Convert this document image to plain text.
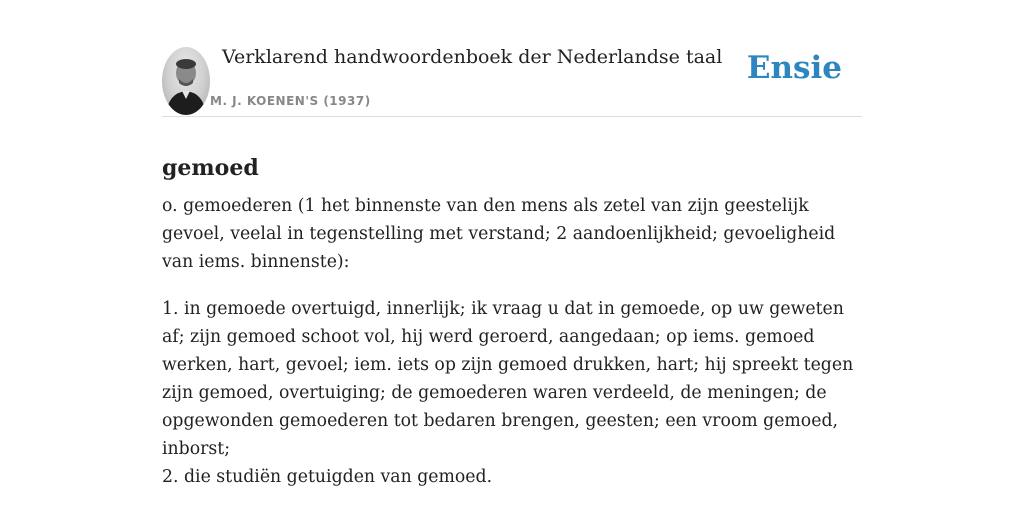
Verklarend handwoordenboek der Nederlandse taal
M. J. KOENEN'S (1937)
Ensie
gemoed

o. gemoederen (1 het binnenste van den mens als zetel van zijn geestelijk gevoel, veelal in tegenstelling met verstand; 2 aandoenlijkheid; gevoeligheid van iems. binnenste):

1. in gemoede overtuigd, innerlijk; ik vraag u dat in gemoede, op uw geweten af; zijn gemoed schoot vol, hij werd geroerd, aangedaan; op iems. gemoed werken, hart, gevoel; iem. iets op zijn gemoed drukken, hart; hij spreekt tegen zijn gemoed, overtuiging; de gemoederen waren verdeeld, de meningen; de opgewonden gemoederen tot bedaren brengen, geesten; een vroom gemoed, inborst;
2. die studiën getuigden van gemoed.
